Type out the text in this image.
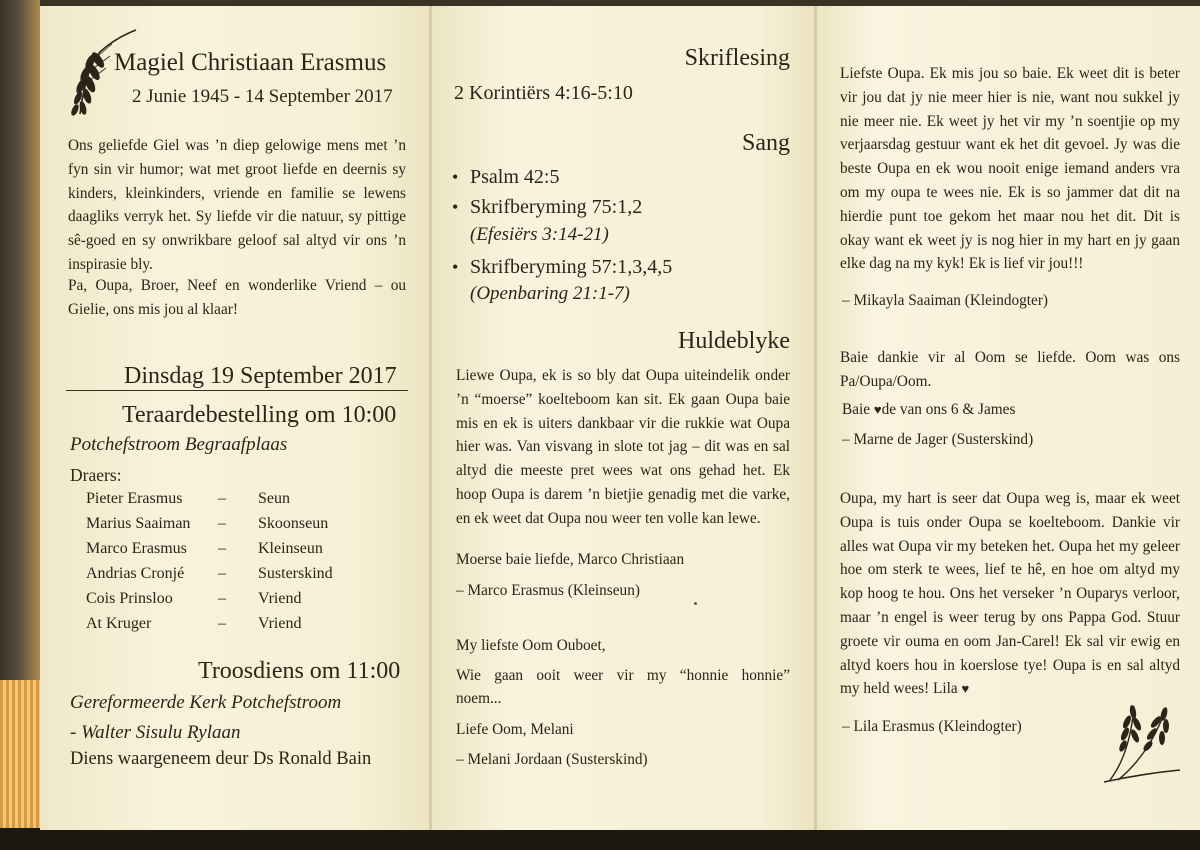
Magiel Christiaan Erasmus
2 Junie 1945 - 14 September 2017
Ons geliefde Giel was ’n diep gelowige mens met ’n fyn sin vir humor; wat met groot liefde en deernis sy kinders, kleinkinders, vriende en familie se lewens daagliks verryk het. Sy liefde vir die natuur, sy pittige sê-goed en sy onwrikbare geloof sal altyd vir ons ’n inspirasie bly.
Pa, Oupa, Broer, Neef en wonderlike Vriend – ou Gielie, ons mis jou al klaar!
Dinsdag 19 September 2017
Teraardebestelling om 10:00
Potchefstroom Begraafplaas
Draers:
Pieter Erasmus – Seun
Marius Saaiman – Skoonseun
Marco Erasmus – Kleinseun
Andrias Cronjé – Susterskind
Cois Prinsloo	– Vriend
At Kruger	– Vriend
Troosdiens om 11:00
Gereformeerde Kerk Potchefstroom
- Walter Sisulu Rylaan
Diens waargeneem deur Ds Ronald Bain
Skriflesing
2 Korintiërs 4:16-5:10
Sang
• Psalm 42:5
• Skrifberyming 75:1,2
(Efesiërs 3:14-21)
• Skrifberyming 57:1,3,4,5
(Openbaring 21:1-7)
Huldeblyke
Liewe Oupa, ek is so bly dat Oupa uiteindelik onder ’n “moerse” koelteboom kan sit. Ek gaan Oupa baie mis en ek is uiters dankbaar vir die rukkie wat Oupa hier was. Van visvang in slote tot jag – dit was en sal altyd die meeste pret wees wat ons gehad het. Ek hoop Oupa is darem ’n bietjie genadig met die varke, en ek weet dat Oupa nou weer ten volle kan lewe.
Moerse baie liefde, Marco Christiaan
– Marco Erasmus (Kleinseun)
My liefste Oom Ouboet,
Wie gaan ooit weer vir my “honnie honnie”
noem...
Liefe Oom, Melani
– Melani Jordaan (Susterskind)
Liefste Oupa. Ek mis jou so baie. Ek weet dit is beter vir jou dat jy nie meer hier is nie, want nou sukkel jy nie meer nie. Ek weet jy het vir my ’n soentjie op my verjaarsdag gestuur want ek het dit gevoel. Jy was die beste Oupa en ek wou nooit enige iemand anders vra om my oupa te wees nie. Ek is so jammer dat dit na hierdie punt toe gekom het maar nou het dit. Dit is okay want ek weet jy is nog hier in my hart en jy gaan elke dag na my kyk! Ek is lief vir jou!!!
– Mikayla Saaiman (Kleindogter)
Baie dankie vir al Oom se liefde. Oom was ons Pa/Oupa/Oom.
Baie ♥de van ons 6 & James
– Marne de Jager (Susterskind)
Oupa, my hart is seer dat Oupa weg is, maar ek weet Oupa is tuis onder Oupa se koelteboom. Dankie vir alles wat Oupa vir my beteken het. Oupa het my geleer hoe om sterk te wees, lief te hê, en hoe om altyd my kop hoog te hou. Ons het verseker ’n Ouparys verloor, maar ’n engel is weer terug by ons Pappa God. Stuur groete vir ouma en oom Jan-Carel! Ek sal vir ewig en altyd koers hou in koerslose tye! Oupa is en sal altyd my held wees! Lila ♥
– Lila Erasmus (Kleindogter)
